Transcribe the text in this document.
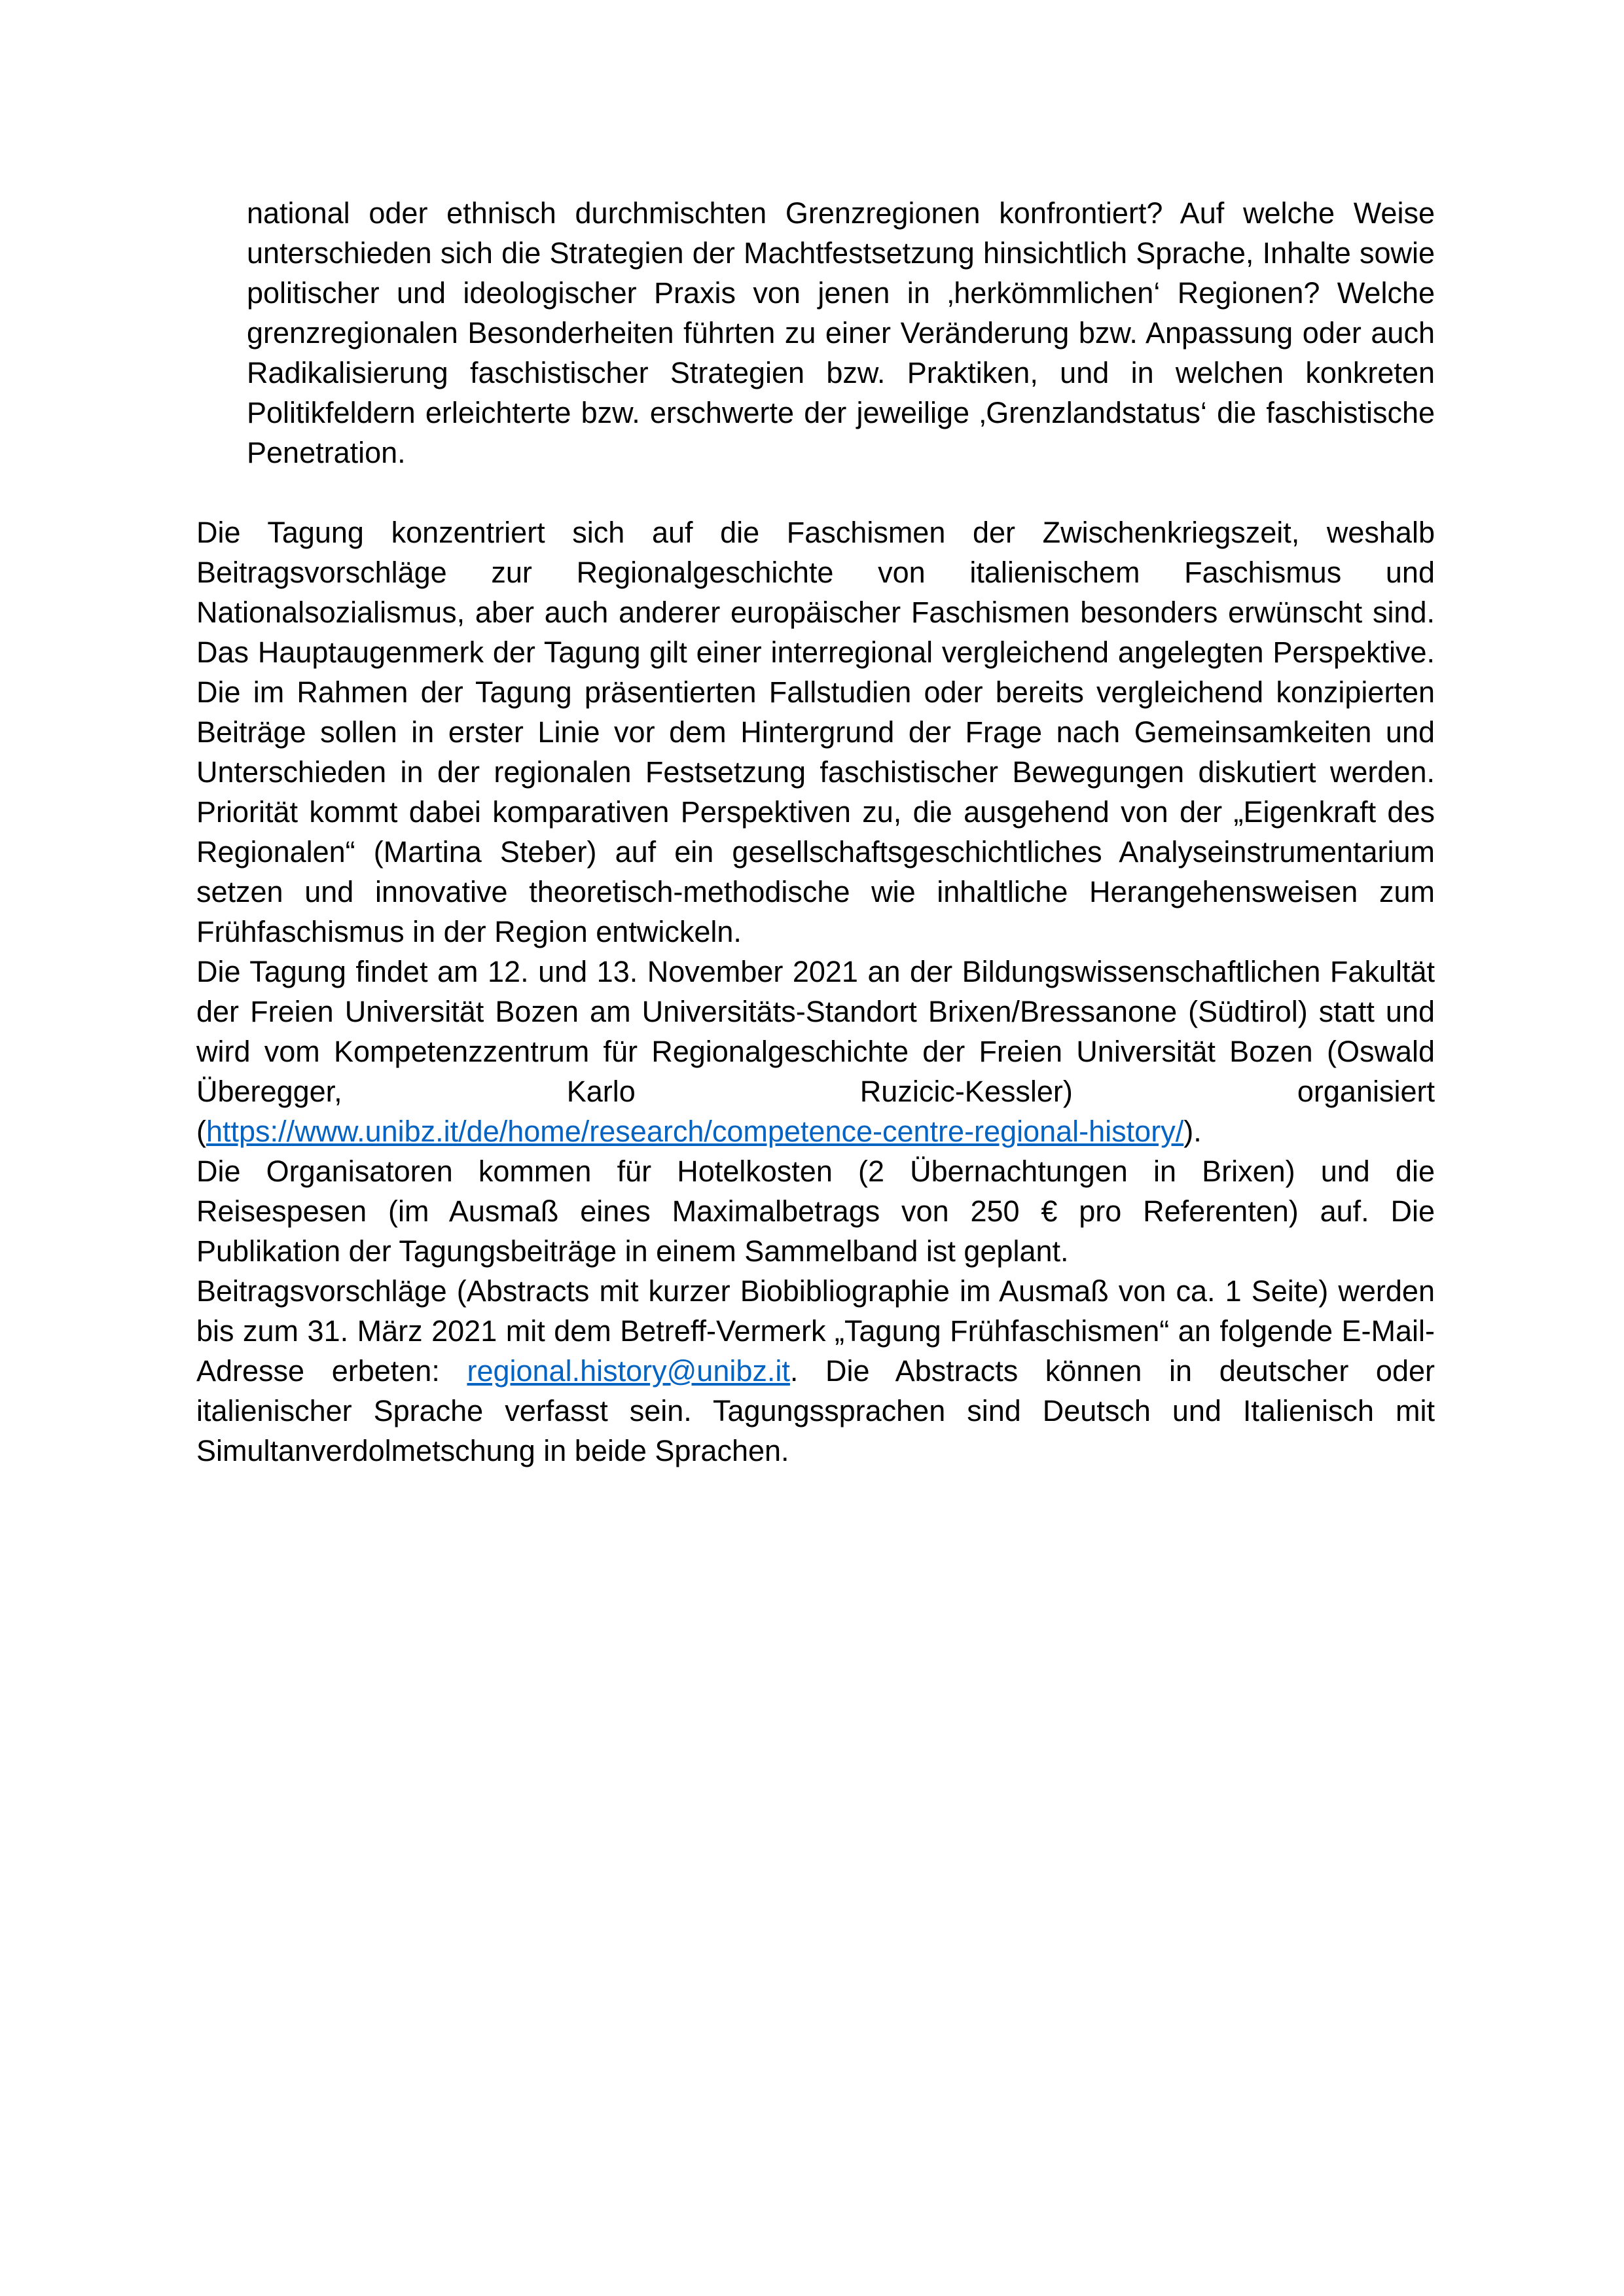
national oder ethnisch durchmischten Grenzregionen konfrontiert? Auf welche Weise unterschieden sich die Strategien der Machtfestsetzung hinsichtlich Sprache, Inhalte sowie politischer und ideologischer Praxis von jenen in ‚herkömmlichen‘ Regionen? Welche grenzregionalen Besonderheiten führten zu einer Veränderung bzw. Anpassung oder auch Radikalisierung faschistischer Strategien bzw. Praktiken, und in welchen konkreten Politikfeldern erleichterte bzw. erschwerte der jeweilige ‚Grenzlandstatus‘ die faschistische Penetration.

Die Tagung konzentriert sich auf die Faschismen der Zwischenkriegszeit, weshalb Beitragsvorschläge zur Regionalgeschichte von italienischem Faschismus und Nationalsozialismus, aber auch anderer europäischer Faschismen besonders erwünscht sind. Das Hauptaugenmerk der Tagung gilt einer interregional vergleichend angelegten Perspektive. Die im Rahmen der Tagung präsentierten Fallstudien oder bereits vergleichend konzipierten Beiträge sollen in erster Linie vor dem Hintergrund der Frage nach Gemeinsamkeiten und Unterschieden in der regionalen Festsetzung faschistischer Bewegungen diskutiert werden. Priorität kommt dabei komparativen Perspektiven zu, die ausgehend von der „Eigenkraft des Regionalen“ (Martina Steber) auf ein gesellschaftsgeschichtliches Analyseinstrumentarium setzen und innovative theoretisch-methodische wie inhaltliche Herangehensweisen zum Frühfaschismus in der Region entwickeln.

Die Tagung findet am 12. und 13. November 2021 an der Bildungswissenschaftlichen Fakultät der Freien Universität Bozen am Universitäts-Standort Brixen/Bressanone (Südtirol) statt und wird vom Kompetenzzentrum für Regionalgeschichte der Freien Universität Bozen (Oswald Überegger, Karlo Ruzicic-Kessler) organisiert (https://www.unibz.it/de/home/research/competence-centre-regional-history/).

Die Organisatoren kommen für Hotelkosten (2 Übernachtungen in Brixen) und die Reisespesen (im Ausmaß eines Maximalbetrags von 250 € pro Referenten) auf. Die Publikation der Tagungsbeiträge in einem Sammelband ist geplant.

Beitragsvorschläge (Abstracts mit kurzer Biobibliographie im Ausmaß von ca. 1 Seite) werden bis zum 31. März 2021 mit dem Betreff-Vermerk „Tagung Frühfaschismen“ an folgende E-Mail-Adresse erbeten: regional.history@unibz.it. Die Abstracts können in deutscher oder italienischer Sprache verfasst sein. Tagungssprachen sind Deutsch und Italienisch mit Simultanverdolmetschung in beide Sprachen.
